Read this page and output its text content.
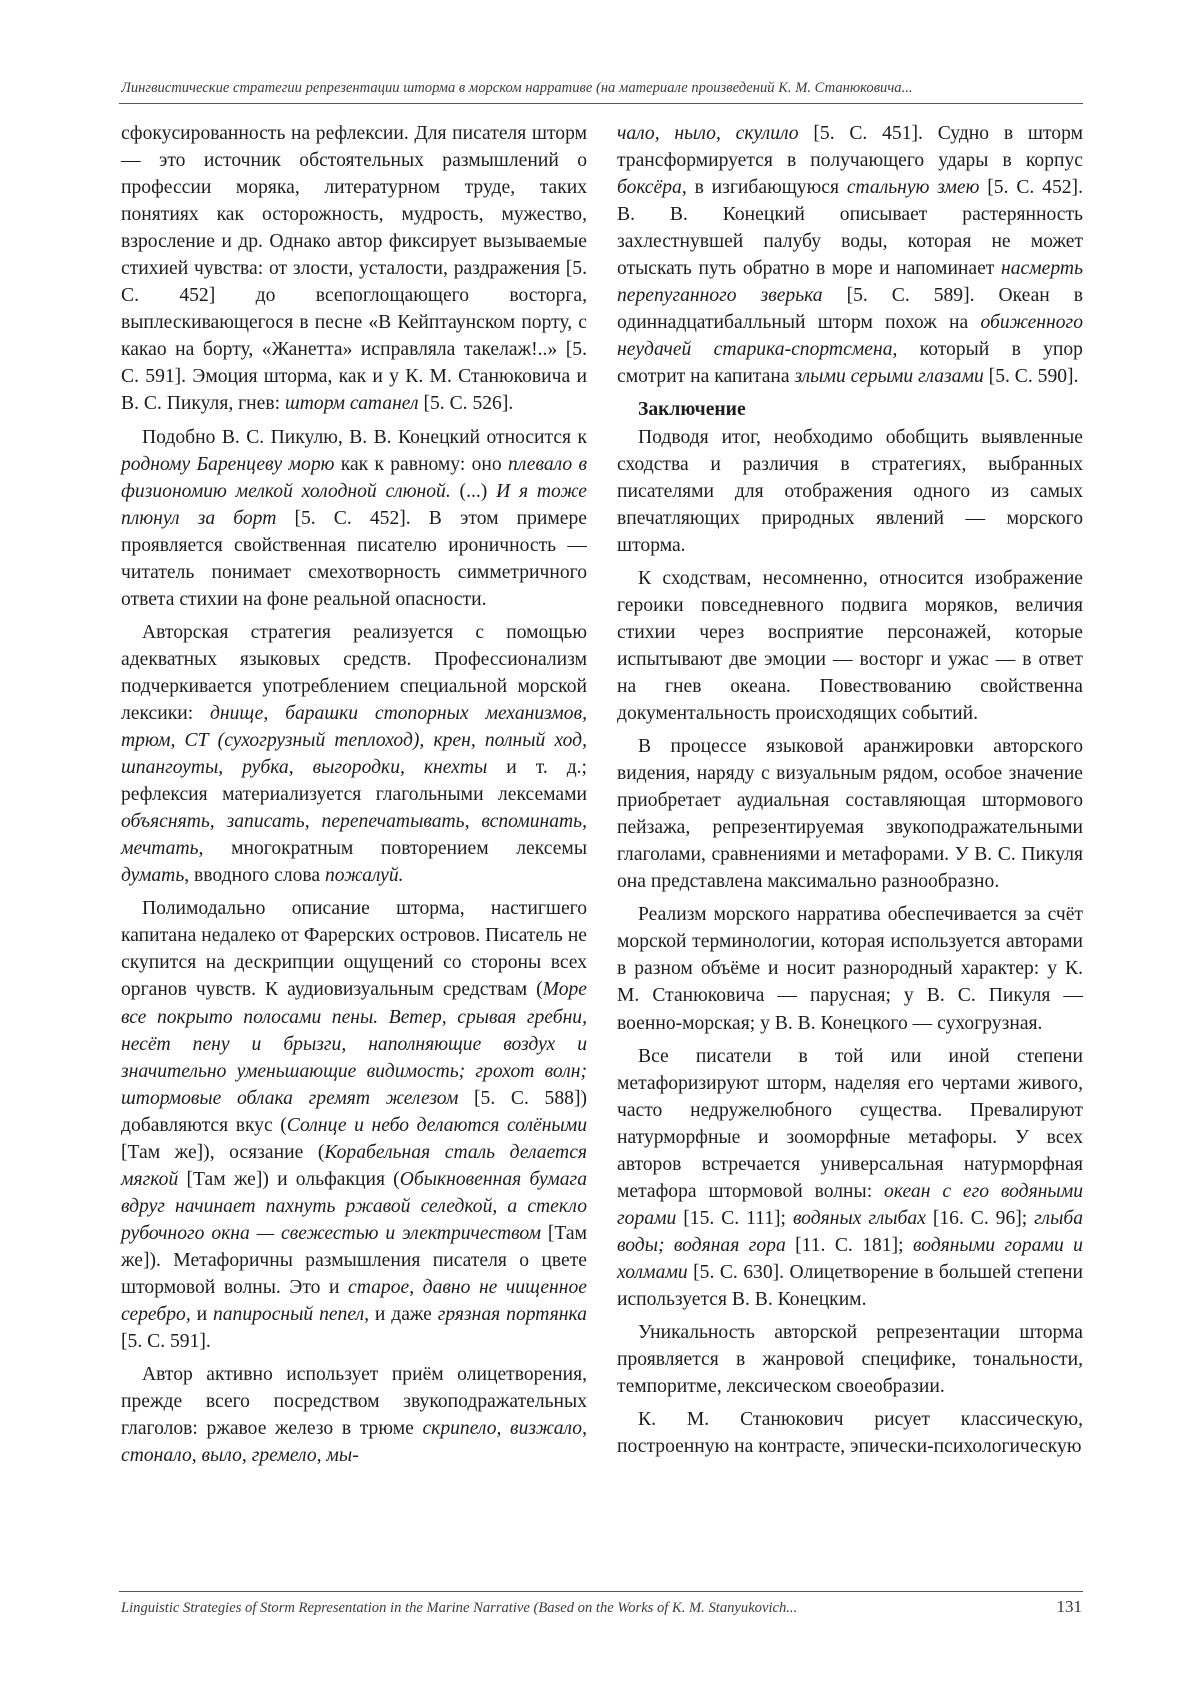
Лингвистические стратегии репрезентации шторма в морском нарративе (на материале произведений К. М. Станюковича...

сфокусированность на рефлексии. Для писателя шторм — это источник обстоятельных размышлений о профессии моряка, литературном труде, таких понятиях как осторожность, мудрость, мужество, взросление и др. Однако автор фиксирует вызываемые стихией чувства: от злости, усталости, раздражения [5. С. 452] до всепоглощающего восторга, выплескивающегося в песне «В Кейптаунском порту, с какао на борту, «Жанетта» исправляла такелаж!..» [5. С. 591]. Эмоция шторма, как и у К. М. Станюковича и В. С. Пикуля, гнев: шторм сатанел [5. С. 526].

Подобно В. С. Пикулю, В. В. Конецкий относится к родному Баренцеву морю как к равному: оно плевало в физиономию мелкой холодной слюной. (...) И я тоже плюнул за борт [5. С. 452]. В этом примере проявляется свойственная писателю ироничность — читатель понимает смехотворность симметричного ответа стихии на фоне реальной опасности.

Авторская стратегия реализуется с помощью адекватных языковых средств. Профессионализм подчеркивается употреблением специальной морской лексики: днище, барашки стопорных механизмов, трюм, СТ (сухогрузный теплоход), крен, полный ход, шпангоуты, рубка, выгородки, кнехты и т. д.; рефлексия материализуется глагольными лексемами объяснять, записать, перепечатывать, вспоминать, мечтать, многократным повторением лексемы думать, вводного слова пожалуй.

Полимодально описание шторма, настигшего капитана недалеко от Фарерских островов. Писатель не скупится на дескрипции ощущений со стороны всех органов чувств. К аудиовизуальным средствам (Море все покрыто полосами пены. Ветер, срывая гребни, несёт пену и брызги, наполняющие воздух и значительно уменьшающие видимость; грохот волн; штормовые облака гремят железом [5. С. 588]) добавляются вкус (Солнце и небо делаются солёными [Там же]), осязание (Корабельная сталь делается мягкой [Там же]) и ольфакция (Обыкновенная бумага вдруг начинает пахнуть ржавой селедкой, а стекло рубочного окна — свежестью и электричеством [Там же]). Метафоричны размышления писателя о цвете штормовой волны. Это и старое, давно не чищенное серебро, и папиросный пепел, и даже грязная портянка [5. С. 591].

Автор активно использует приём олицетворения, прежде всего посредством звукоподражательных глаголов: ржавое железо в трюме скрипело, визжало, стонало, выло, гремело, мы-

чало, ныло, скулило [5. С. 451]. Судно в шторм трансформируется в получающего удары в корпус боксёра, в изгибающуюся стальную змею [5. С. 452]. В. В. Конецкий описывает растерянность захлестнувшей палубу воды, которая не может отыскать путь обратно в море и напоминает насмерть перепуганного зверька [5. С. 589]. Океан в одиннадцатибалльный шторм похож на обиженного неудачей старика-спортсмена, который в упор смотрит на капитана злыми серыми глазами [5. С. 590].

Заключение

Подводя итог, необходимо обобщить выявленные сходства и различия в стратегиях, выбранных писателями для отображения одного из самых впечатляющих природных явлений — морского шторма.

К сходствам, несомненно, относится изображение героики повседневного подвига моряков, величия стихии через восприятие персонажей, которые испытывают две эмоции — восторг и ужас — в ответ на гнев океана. Повествованию свойственна документальность происходящих событий.

В процессе языковой аранжировки авторского видения, наряду с визуальным рядом, особое значение приобретает аудиальная составляющая штормового пейзажа, репрезентируемая звукоподражательными глаголами, сравнениями и метафорами. У В. С. Пикуля она представлена максимально разнообразно.

Реализм морского нарратива обеспечивается за счёт морской терминологии, которая используется авторами в разном объёме и носит разнородный характер: у К. М. Станюковича — парусная; у В. С. Пикуля — военно-морская; у В. В. Конецкого — сухогрузная.

Все писатели в той или иной степени метафоризируют шторм, наделяя его чертами живого, часто недружелюбного существа. Превалируют натурморфные и зооморфные метафоры. У всех авторов встречается универсальная натурморфная метафора штормовой волны: океан с его водяными горами [15. С. 111]; водяных глыбах [16. С. 96]; глыба воды; водяная гора [11. С. 181]; водяными горами и холмами [5. С. 630]. Олицетворение в большей степени используется В. В. Конецким.

Уникальность авторской репрезентации шторма проявляется в жанровой специфике, тональности, темпоритме, лексическом своеобразии.

К. М. Станюкович рисует классическую, построенную на контрасте, эпически-психологическую

Linguistic Strategies of Storm Representation in the Marine Narrative (Based on the Works of K. M. Stanyukovich...	131
